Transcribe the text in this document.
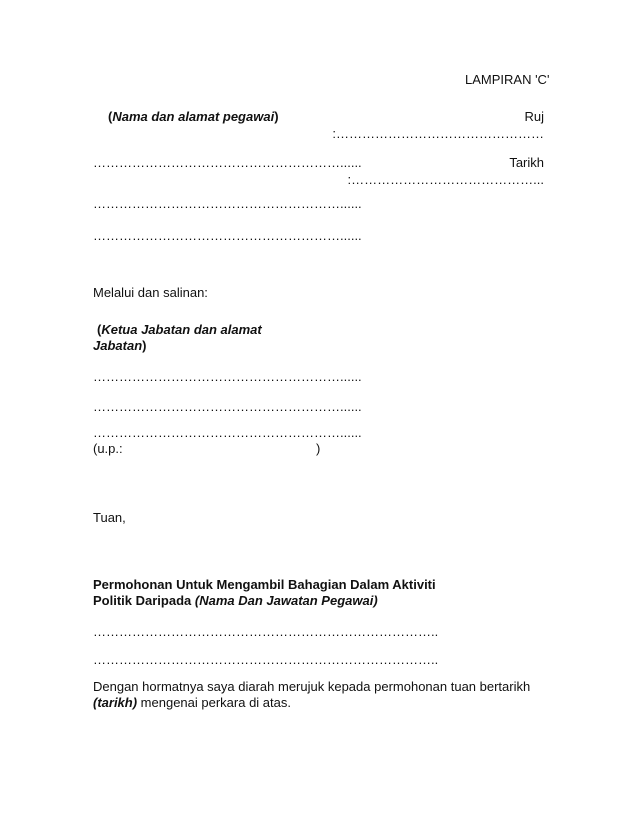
LAMPIRAN 'C'
(Nama dan alamat pegawai)
…………………………………………………......
…………………………………………………......
…………………………………………………......
Ruj
:…………………………………………
Tarikh
:……………………………………...
Melalui dan salinan:
(Ketua Jabatan dan alamat
Jabatan)
…………………………………………………......
…………………………………………………......
…………………………………………………......
(u.p.:	)
Tuan,
Permohonan Untuk Mengambil Bahagian Dalam Aktiviti
Politik Daripada (Nama Dan Jawatan Pegawai)
……………………………………………………………………..
……………………………………………………………………..
Dengan hormatnya saya diarah merujuk kepada permohonan tuan bertarikh
(tarikh) mengenai perkara di atas.
